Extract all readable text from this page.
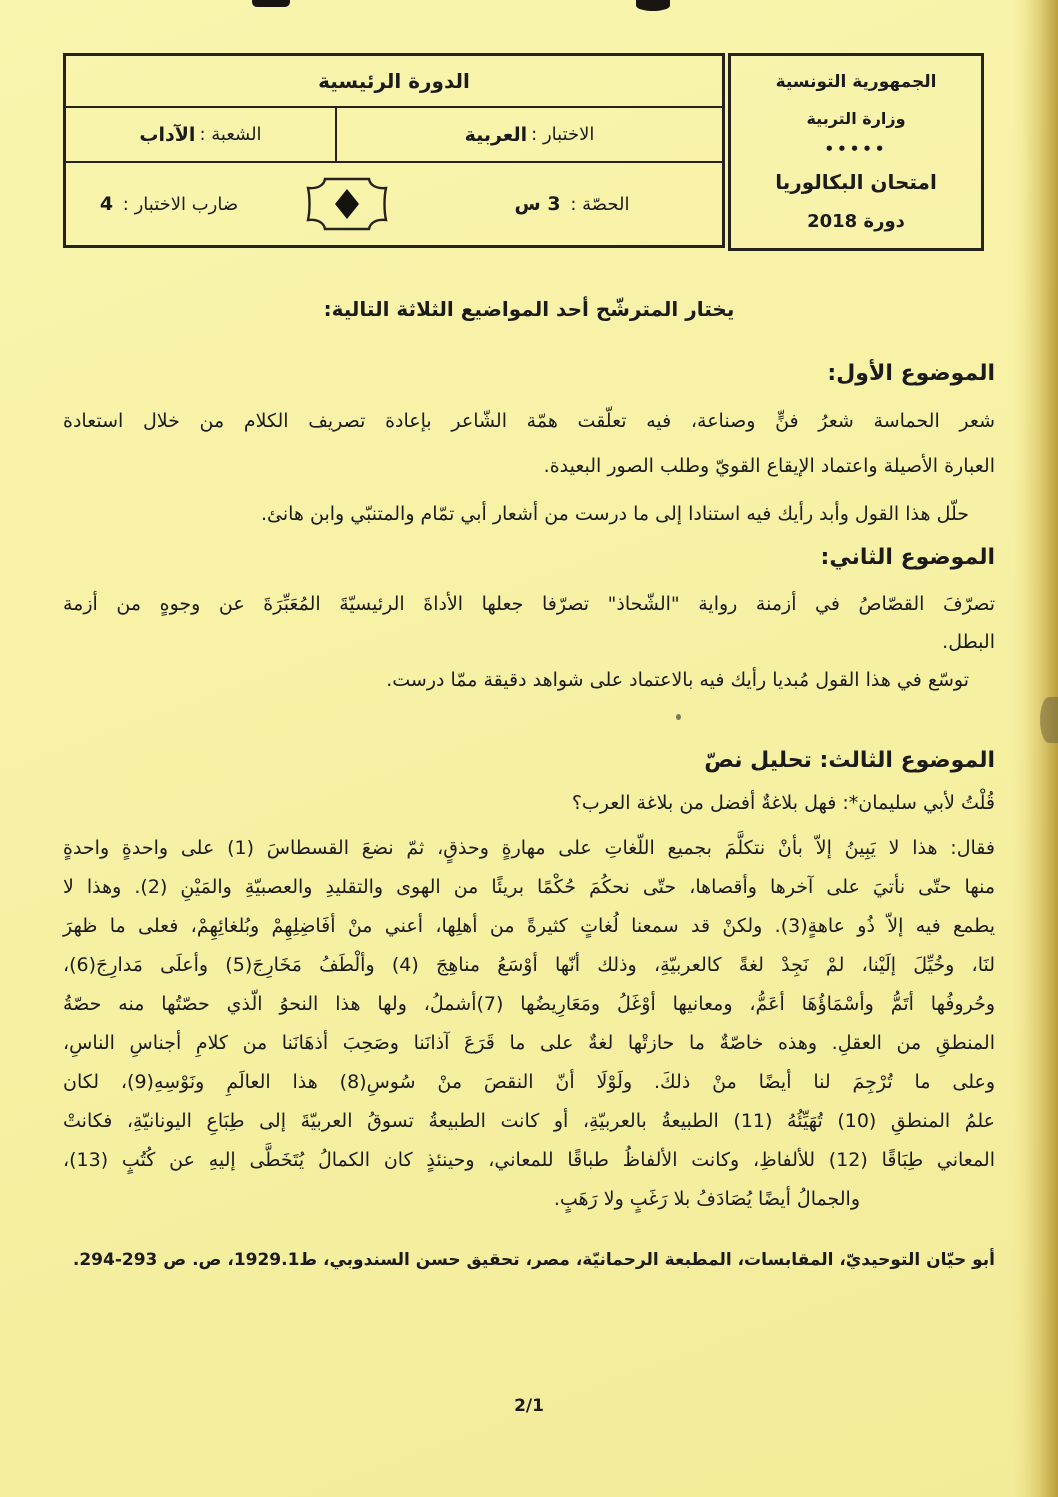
الجمهورية التونسية
وزارة التربية
•••••
امتحان البكالوريا
دورة 2018
الدورة الرئيسية
الاختبار :
العربية
الشعبة :
الآداب
الحصّة : 3 س
ضارب الاختبار : 4
يختار المترشّح أحد المواضيع الثلاثة التالية:
الموضوع الأول:
شعر الحماسة شعرُ فنٍّ وصناعة، فيه تعلّقت همّة الشّاعر بإعادة تصريف الكلام من خلال استعادة
العبارة الأصيلة واعتماد الإيقاع القويّ وطلب الصور البعيدة.
حلّل هذا القول وأبد رأيك فيه استنادا إلى ما درست من أشعار أبي تمّام والمتنبّي وابن هانئ.
الموضوع الثاني:
تصرّفَ القصّاصُ في أزمنة رواية "الشّحاذ" تصرّفا جعلها الأداةَ الرئيسيّةَ المُعَبِّرَةَ عن وجوهٍ من أزمة
البطل.
توسّع في هذا القول مُبديا رأيك فيه بالاعتماد على شواهد دقيقة ممّا درست.
الموضوع الثالث: تحليل نصّ
قُلْتُ لأبي سليمان*: فهل بلاغةٌ أفضل من بلاغة العرب؟
فقال: هذا لا يَبِينُ إلاّ بأنْ نتكلَّمَ بجميع اللّغاتِ على مهارةٍ وحذقٍ، ثمّ نضعَ القسطاسَ (1) على واحدةٍ واحدةٍ
منها حتّى نأتيَ على آخرها وأقصاها، حتّى نحكُمَ حُكْمًا بريئًا من الهوى والتقليدِ والعصبيّةِ والمَيْنِ (2). وهذا لا
يطمع فيه إلاّ ذُو عاهةٍ(3). ولكنْ قد سمعنا لُغاتٍ كثيرةً من أهلِها، أعني منْ أفَاضِلِهِمْ وبُلغائِهِمْ، فعلى ما ظهرَ
لنَا، وخُيِّلَ إلَيْنا، لمْ نَجِدْ لغةً كالعربيّةِ، وذلك أنّها أوْسَعُ مناهِجَ (4) وألْطَفُ مَخَارِجَ(5) وأعلَى مَدارِجَ(6)،
وحُروفُها أتَمُّ وأسْمَاؤُهَا أعَمُّ، ومعانيها أوْغَلُ ومَعَارِيضُها (7)أشملُ، ولها هذا النحوُ الّذي حصّتُها منه حصّةُ
المنطقِ من العقلِ. وهذه خاصّةٌ ما حازتْها لغةٌ على ما قَرَعَ آذانَنا وصَحِبَ أذهَانَنا من كلامِ أجناسِ الناسِ،
وعلى ما تُرْجِمَ لنا أيضًا منْ ذلكَ. ولَوْلَا أنّ النقصَ منْ سُوسِ(8) هذا العالَمِ ونَوْسِهِ(9)، لكان
علمُ المنطقِ (10) تُهَيِّئُهُ (11) الطبيعةُ بالعربيّةِ، أو كانت الطبيعةُ تسوقُ العربيّةَ إلى طِبَاعِ اليونانيّةِ، فكانتْ
المعاني طِبَاقًا (12) للألفاظِ، وكانت الألفاظُ طباقًا للمعاني، وحينئذٍ كان الكمالُ يُتَخَطَّى إليهِ عن كُتُبٍ (13)،
والجمالُ أيضًا يُصَادَفُ بلا رَغَبٍ ولا رَهَبٍ.
أبو حيّان التوحيديّ، المقابسات، المطبعة الرحمانيّة، مصر، تحقيق حسن السندوبي، ط1929.1، ص. ص 293-294.
2/1
